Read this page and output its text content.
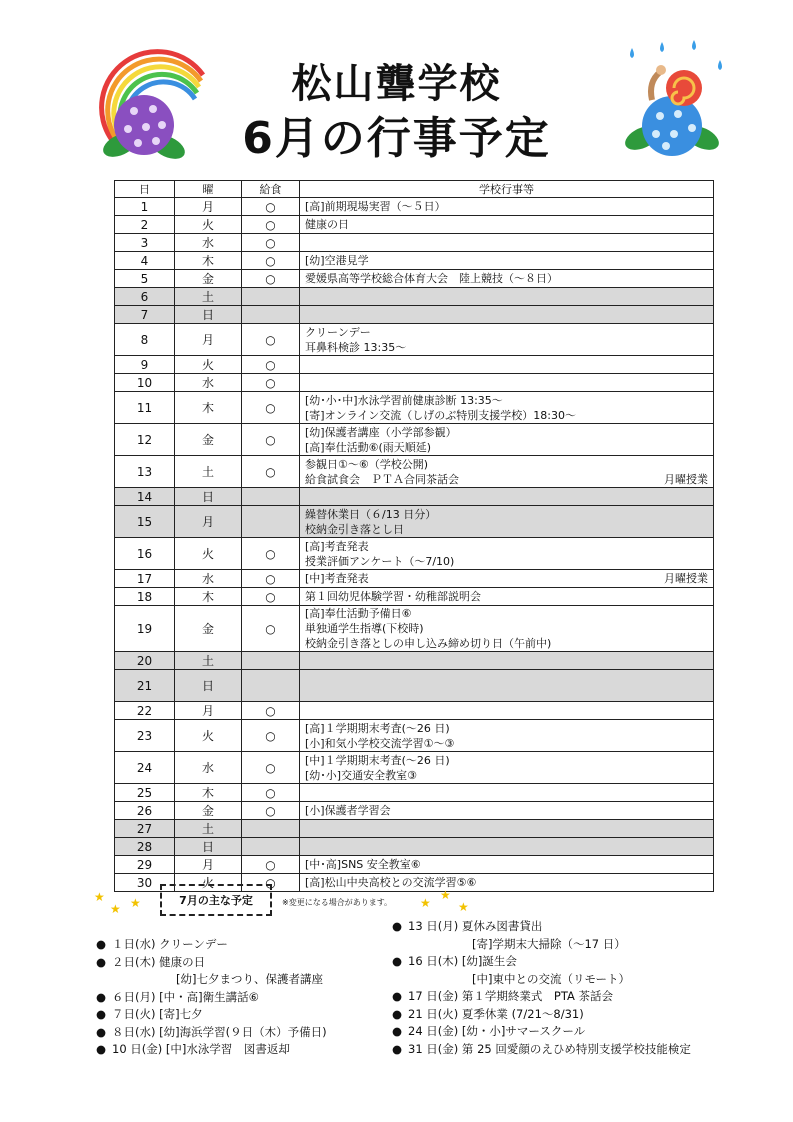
松山聾学校
6月の行事予定
日	曜	給食	学校行事等
1	月	○	[高]前期現場実習（～５日）

2	火	○	健康の日

3	水	○	

4	木	○	[幼]空港見学

5	金	○	愛媛県高等学校総合体育大会　陸上競技（～８日）

6	土		

7	日		

8	月	○	クリーンデー
耳鼻科検診 13:35～

9	火	○	

10	水	○	

11	木	○	[幼･小･中]水泳学習前健康診断 13:35～
[寄]オンライン交流（しげのぶ特別支援学校）18:30～

12	金	○	[幼]保護者講座（小学部参観）
[高]奉仕活動⑥(雨天順延)

13	土	○	参観日①～⑥（学校公開)
給食試食会　ＰＴＡ合同茶話会 月曜授業

14	日		

15	月		繰替休業日（６/13 日分）
校納金引き落とし日

16	火	○	[高]考査発表
授業評価アンケート（～7/10)

17	水	○	[中]考査発表 月曜授業

18	木	○	第１回幼児体験学習・幼稚部説明会

19	金	○	[高]奉仕活動予備日⑥
単独通学生指導(下校時)
校納金引き落としの申し込み締め切り日（午前中)

20	土		

21	日		

22	月	○	

23	火	○	[高]１学期期末考査(～26 日)
[小]和気小学校交流学習①～③

24	水	○	[中]１学期期末考査(～26 日)
[幼･小]交通安全教室③

25	木	○	

26	金	○	[小]保護者学習会

27	土		

28	日		

29	月	○	[中･高]SNS 安全教室⑥

30	火	○	[高]松山中央高校との交流学習⑤⑥
★
★ ★	7月の主な予定	※変更になる場合があります。 ★
★
★
● １日(水) クリーンデー
● ２日(木) 健康の日
[幼]七夕まつり、保護者講座
● ６日(月) [中・高]衛生講話⑥
● ７日(火) [寄]七夕
● ８日(水) [幼]海浜学習(９日（木）予備日)
● 10 日(金) [中]水泳学習　図書返却
● 13 日(月) 夏休み図書貸出
[寄]学期末大掃除（～17 日）
● 16 日(木) [幼]誕生会
[中]東中との交流（リモート）
● 17 日(金) 第１学期終業式　PTA 茶話会
● 21 日(火) 夏季休業 (7/21～8/31)
● 24 日(金) [幼・小]サマースクール
● 31 日(金) 第 25 回愛顔のえひめ特別支援学校技能検定
